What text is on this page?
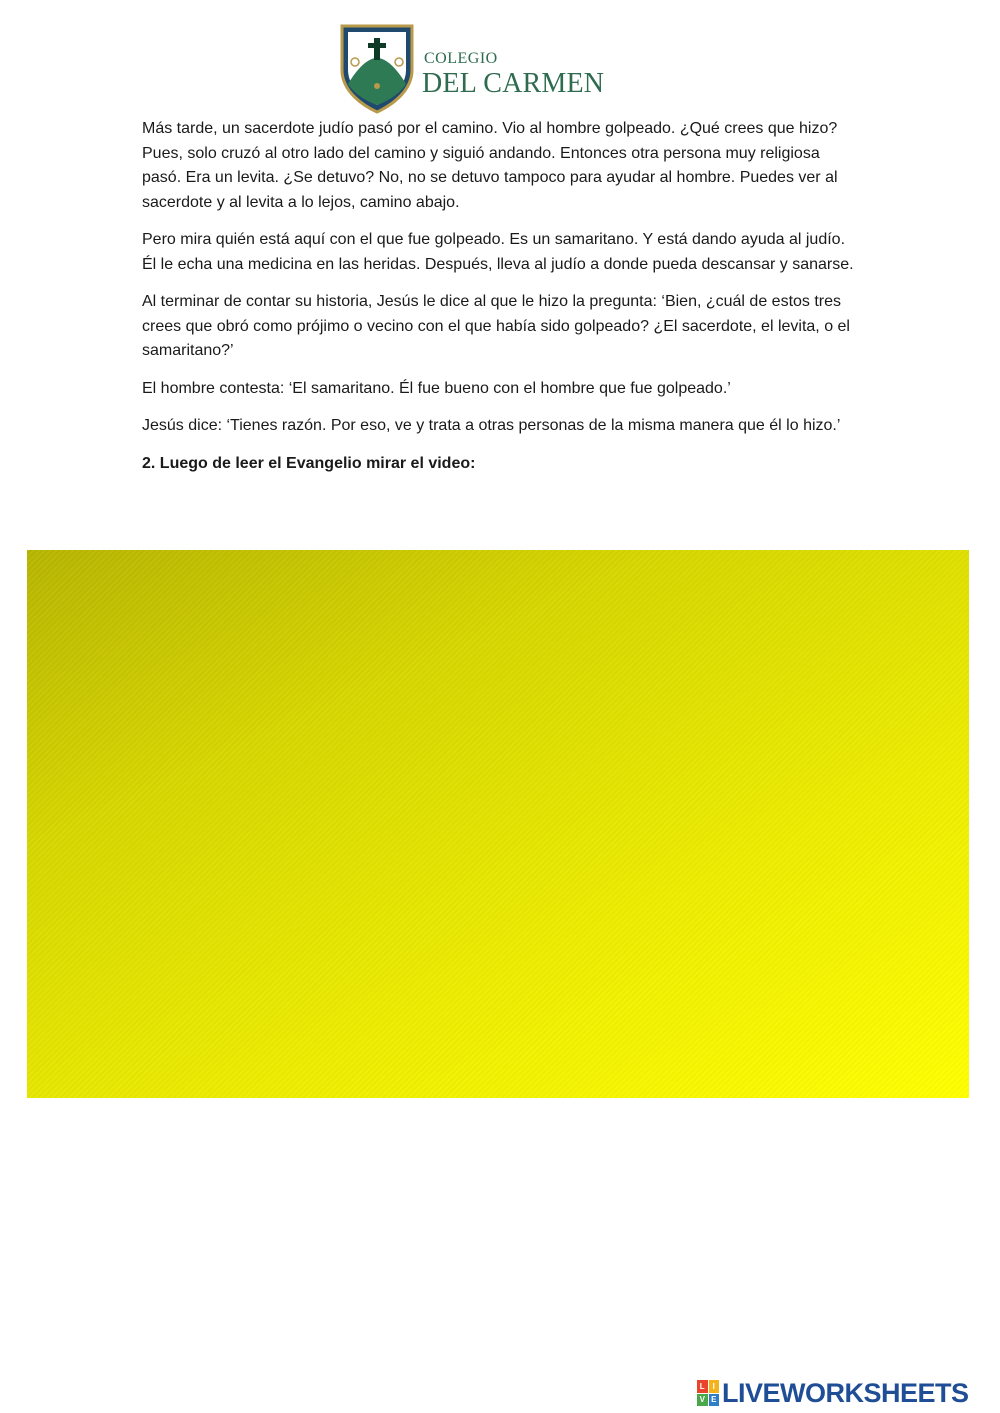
COLEGIO
DEL CARMEN

Más tarde, un sacerdote judío pasó por el camino. Vio al hombre golpeado. ¿Qué crees que hizo? Pues, solo cruzó al otro lado del camino y siguió andando. Entonces otra persona muy religiosa pasó. Era un levita. ¿Se detuvo? No, no se detuvo tampoco para ayudar al hombre. Puedes ver al sacerdote y al levita a lo lejos, camino abajo.

Pero mira quién está aquí con el que fue golpeado. Es un samaritano. Y está dando ayuda al judío. Él le echa una medicina en las heridas. Después, lleva al judío a donde pueda descansar y sanarse.

Al terminar de contar su historia, Jesús le dice al que le hizo la pregunta: ‘Bien, ¿cuál de estos tres crees que obró como prójimo o vecino con el que había sido golpeado? ¿El sacerdote, el levita, o el samaritano?’

El hombre contesta: ‘El samaritano. Él fue bueno con el hombre que fue golpeado.’

Jesús dice: ‘Tienes razón. Por eso, ve y trata a otras personas de la misma manera que él lo hizo.’

2. Luego de leer el Evangelio mirar el video:

L I
V E LIVEWORKSHEETS
